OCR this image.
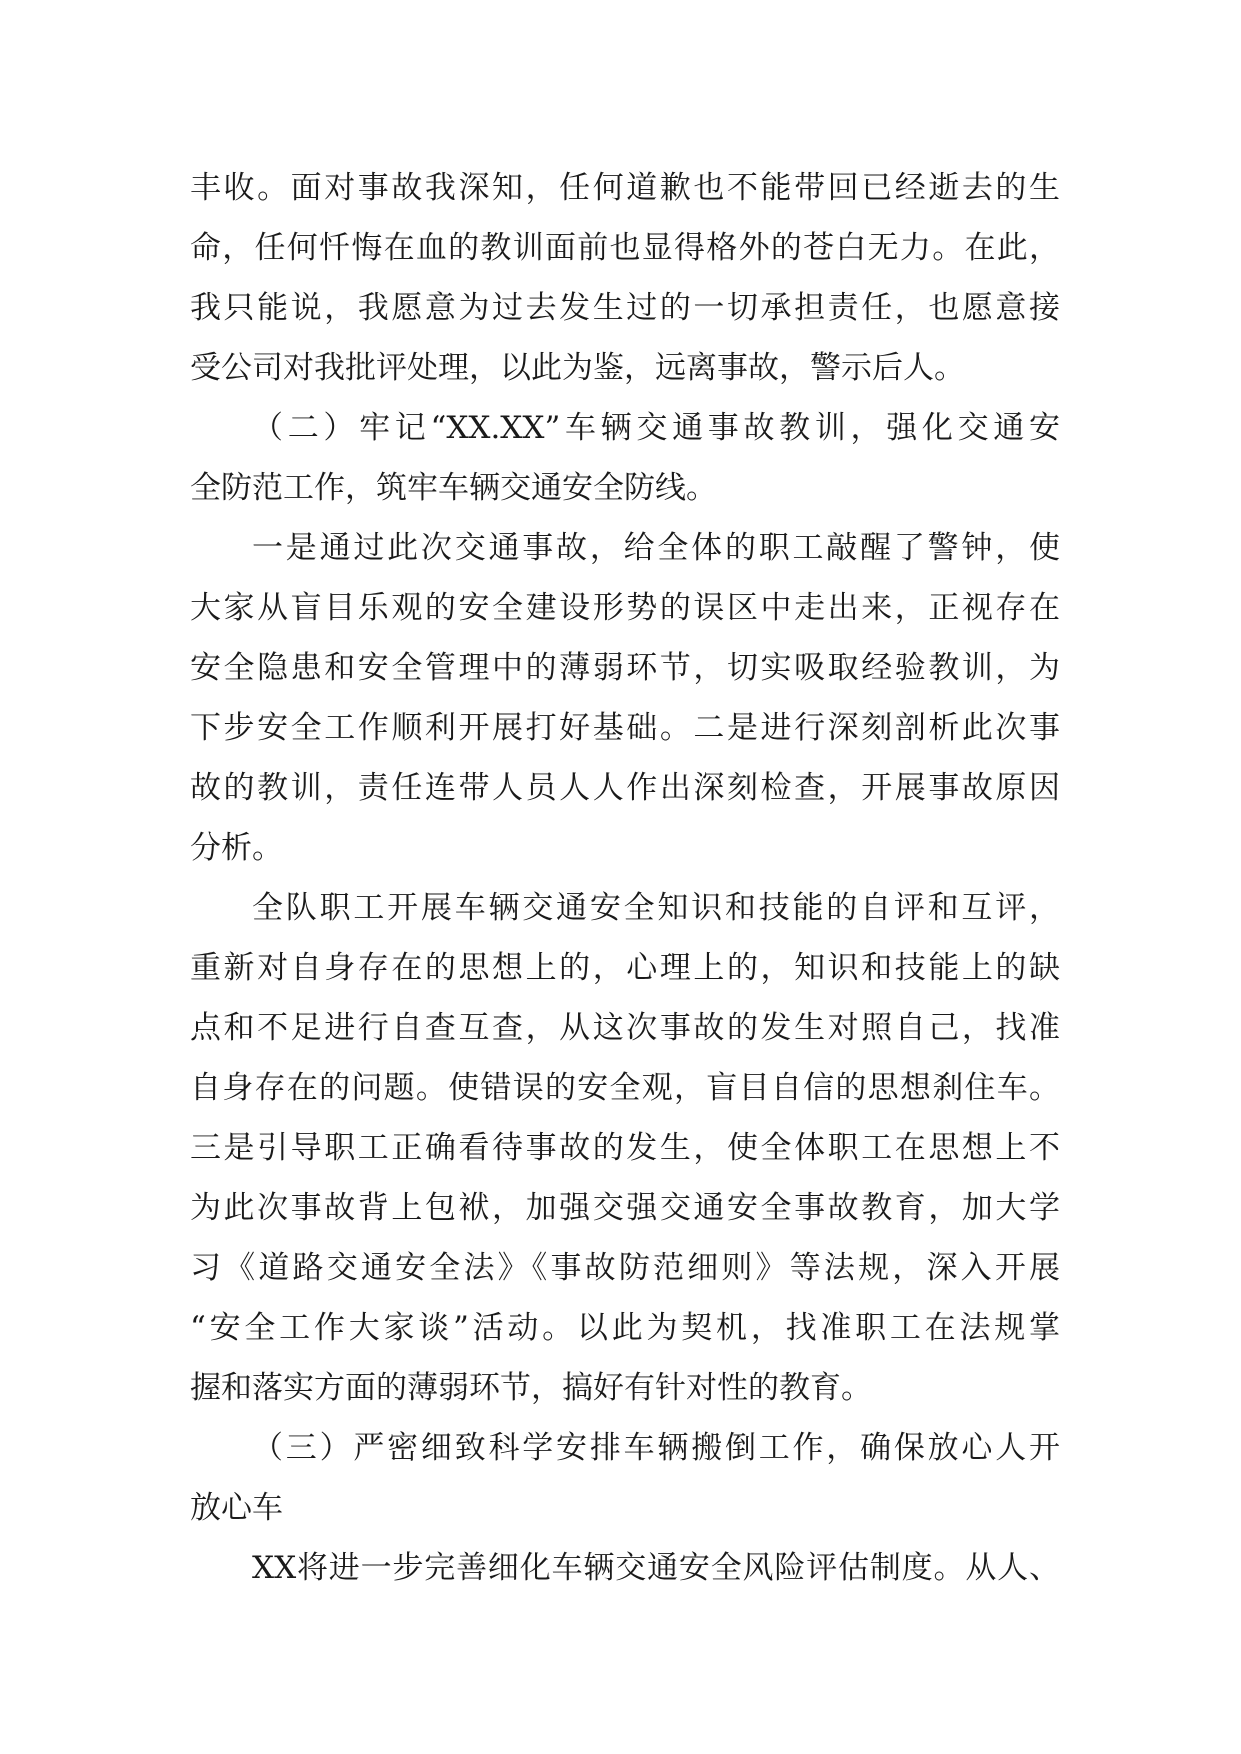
丰收。面对事故我深知，任何道歉也不能带回已经逝去的生
命，任何忏悔在血的教训面前也显得格外的苍白无力。在此，
我只能说，我愿意为过去发生过的一切承担责任，也愿意接
受公司对我批评处理，以此为鉴，远离事故，警示后人。
（二）牢记“XX.XX”车辆交通事故教训，强化交通安
全防范工作，筑牢车辆交通安全防线。
一是通过此次交通事故，给全体的职工敲醒了警钟，使
大家从盲目乐观的安全建设形势的误区中走出来，正视存在
安全隐患和安全管理中的薄弱环节，切实吸取经验教训，为
下步安全工作顺利开展打好基础。二是进行深刻剖析此次事
故的教训，责任连带人员人人作出深刻检查，开展事故原因
分析。
全队职工开展车辆交通安全知识和技能的自评和互评，
重新对自身存在的思想上的，心理上的，知识和技能上的缺
点和不足进行自查互查，从这次事故的发生对照自己，找准
自身存在的问题。使错误的安全观，盲目自信的思想刹住车。
三是引导职工正确看待事故的发生，使全体职工在思想上不
为此次事故背上包袱，加强交强交通安全事故教育，加大学
习《道路交通安全法》《事故防范细则》等法规，深入开展
“安全工作大家谈”活动。以此为契机，找准职工在法规掌
握和落实方面的薄弱环节，搞好有针对性的教育。
（三）严密细致科学安排车辆搬倒工作，确保放心人开
放心车
XX将进一步完善细化车辆交通安全风险评估制度。从人、
